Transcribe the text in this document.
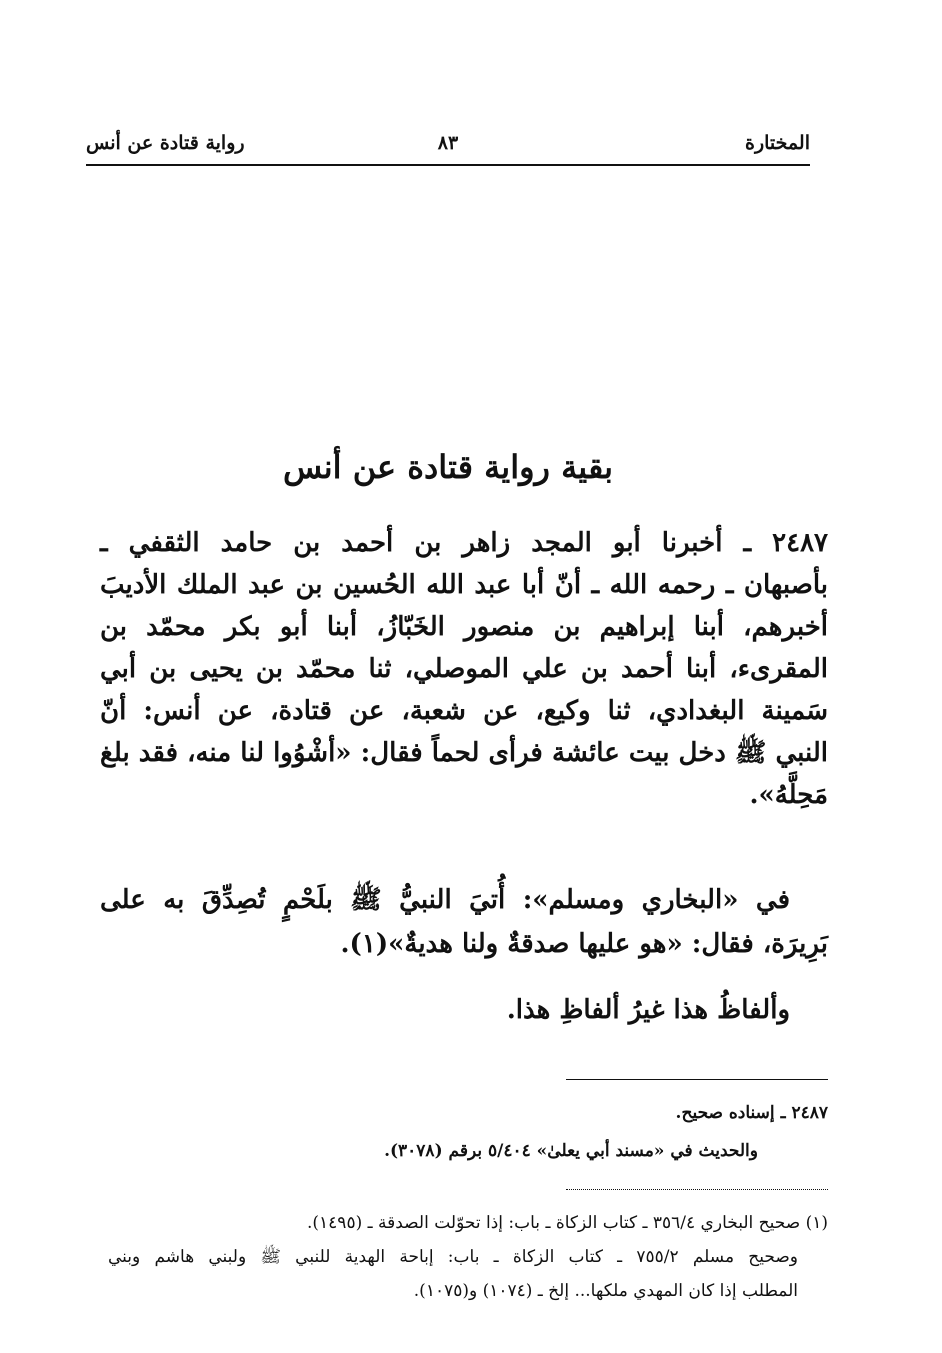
المختارة
٨٣
رواية قتادة عن أنس
بقية رواية قتادة عن أنس
٢٤٨٧ ـ أخبرنا أبو المجد زاهر بن أحمد بن حامد الثقفي ـ
بأصبهان ـ رحمه الله ـ أنّ أبا عبد الله الحُسين بن عبد الملك الأديبَ
أخبرهم، أبنا إبراهيم بن منصور الخَبّازُ، أبنا أبو بكر محمّد بن
المقرىء، أبنا أحمد بن علي الموصلي، ثنا محمّد بن يحيى بن أبي
سَمينة البغدادي، ثنا وكيع، عن شعبة، عن قتادة، عن أنس: أنّ
النبي ﷺ دخل بيت عائشة فرأى لحماً فقال: «أشْوُوا لنا منه، فقد بلغ
مَحِلَّهُ».
في «البخاري ومسلم»: أُتيَ النبيُّ ﷺ بلَحْمٍ تُصِدِّقَ به على
بَرِيرَة، فقال: «هو عليها صدقةٌ ولنا هديةٌ»(١).
وألفاظُ هذا غيرُ ألفاظِ هذا.
٢٤٨٧ ـ إسناده صحيح.
والحديث في «مسند أبي يعلىٰ» ٥/٤٠٤ برقم (٣٠٧٨).
(١) صحيح البخاري ٣٥٦/٤ ـ كتاب الزكاة ـ باب: إذا تحوّلت الصدقة ـ (١٤٩٥).
وصحيح مسلم ٧٥٥/٢ ـ كتاب الزكاة ـ باب: إباحة الهدية للنبي ﷺ ولبني هاشم وبني
المطلب إذا كان المهدي ملكها... إلخ ـ (١٠٧٤) و(١٠٧٥).
